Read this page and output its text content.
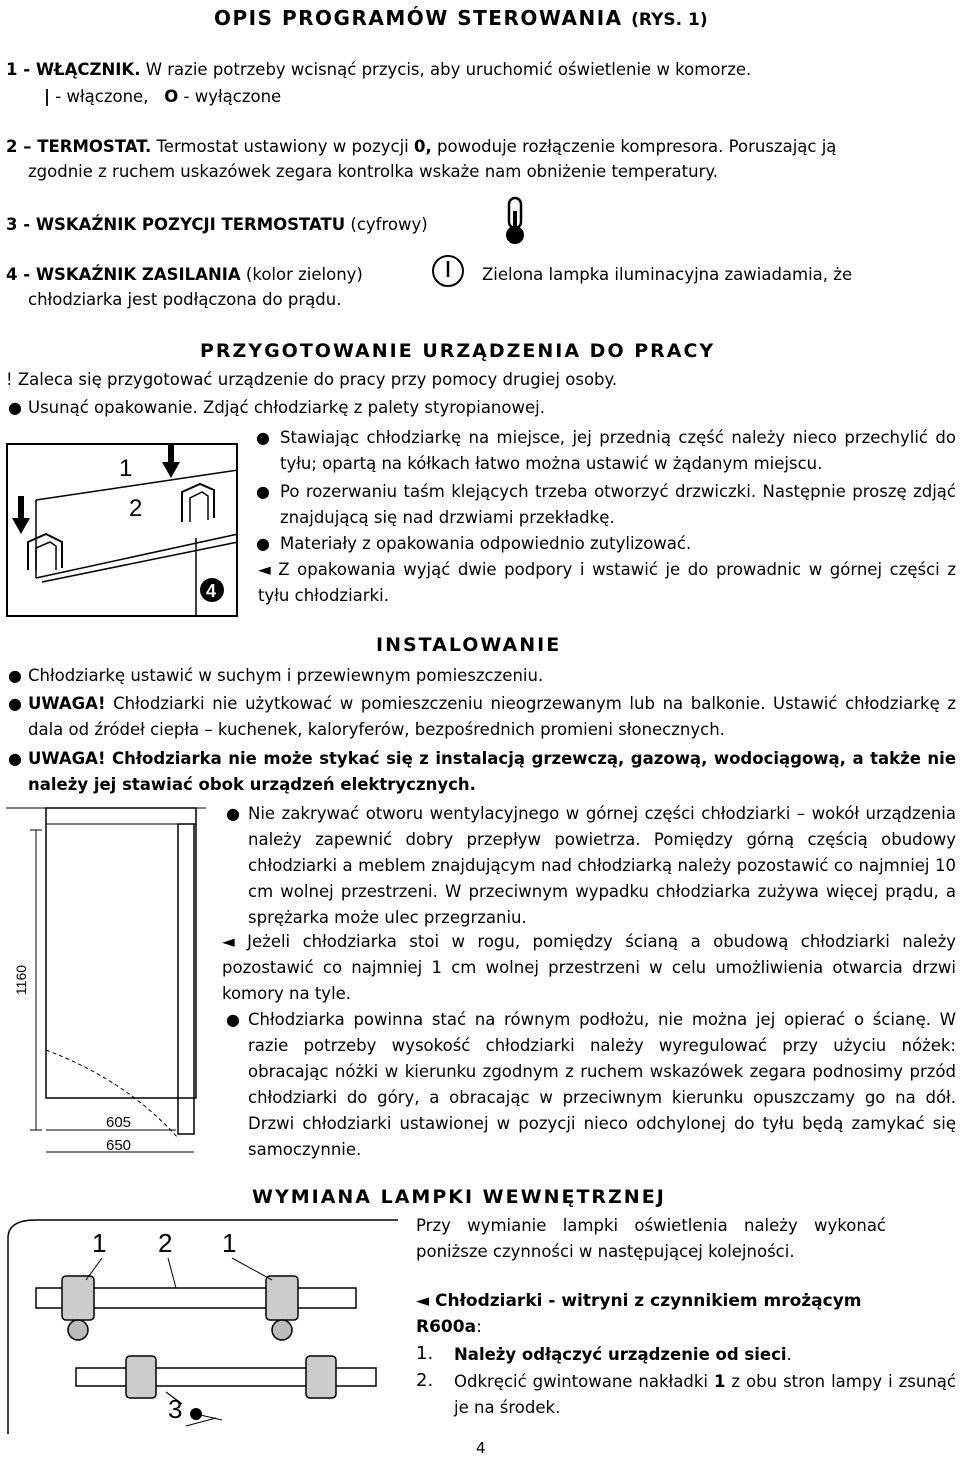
OPIS PROGRAMÓW STEROWANIA (RYS. 1)
1 - WŁĄCZNIK. W razie potrzeby wcisnąć przycis, aby uruchomić oświetlenie w komorze.
| - włączone, O - wyłączone
2 – TERMOSTAT. Termostat ustawiony w pozycji 0, powoduje rozłączenie kompresora. Poruszając ją
zgodnie z ruchem uskazówek zegara kontrolka wskaże nam obniżenie temperatury.
3 - WSKAŹNIK POZYCJI TERMOSTATU (cyfrowy)
4 - WSKAŹNIK ZASILANIA (kolor zielony)	Zielona lampka iluminacyjna zawiadamia, że
chłodziarka jest podłączona do prądu.
PRZYGOTOWANIE URZĄDZENIA DO PRACY
! Zaleca się przygotować urządzenie do pracy przy pomocy drugiej osoby.
● Usunąć opakowanie. Zdjąć chłodziarkę z palety styropianowej.
1
2
4
● Stawiając chłodziarkę na miejsce, jej przednią część należy nieco przechylić do tyłu; opartą na kółkach łatwo można ustawić w żądanym miejscu.
● Po rozerwaniu taśm klejących trzeba otworzyć drzwiczki. Następnie proszę zdjąć znajdującą się nad drzwiami przekładkę.
● Materiały z opakowania odpowiednio zutylizować.
◄ Z opakowania wyjąć dwie podpory i wstawić je do prowadnic w górnej części z tyłu chłodziarki.
INSTALOWANIE
● Chłodziarkę ustawić w suchym i przewiewnym pomieszczeniu.
● UWAGA! Chłodziarki nie użytkować w pomieszczeniu nieogrzewanym lub na balkonie. Ustawić chłodziarkę z dala od źródeł ciepła – kuchenek, kaloryferów, bezpośrednich promieni słonecznych.
● UWAGA! Chłodziarka nie może stykać się z instalacją grzewczą, gazową, wodociągową, a także nie należy jej stawiać obok urządzeń elektrycznych.
1160
605
650
● Nie zakrywać otworu wentylacyjnego w górnej części chłodziarki – wokół urządzenia należy zapewnić dobry przepływ powietrza. Pomiędzy górną częścią obudowy chłodziarki a meblem znajdującym nad chłodziarką należy pozostawić co najmniej 10 cm wolnej przestrzeni. W przeciwnym wypadku chłodziarka zużywa więcej prądu, a sprężarka może ulec przegrzaniu.
◄ Jeżeli chłodziarka stoi w rogu, pomiędzy ścianą a obudową chłodziarki należy pozostawić co najmniej 1 cm wolnej przestrzeni w celu umożliwienia otwarcia drzwi komory na tyle.
● Chłodziarka powinna stać na równym podłożu, nie można jej opierać o ścianę. W razie potrzeby wysokość chłodziarki należy wyregulować przy użyciu nóżek: obracając nóżki w kierunku zgodnym z ruchem wskazówek zegara podnosimy przód chłodziarki do góry, a obracając w przeciwnym kierunku opuszczamy go na dół. Drzwi chłodziarki ustawionej w pozycji nieco odchylonej do tyłu będą zamykać się samoczynnie.
WYMIANA LAMPKI WEWNĘTRZNEJ
1 2 1
3
Przy wymianie lampki oświetlenia należy wykonać poniższe czynności w następującej kolejności.
◄ Chłodziarki - witryni z czynnikiem mrożącym
R600a:
1. Należy odłączyć urządzenie od sieci.
2. Odkręcić gwintowane nakładki 1 z obu stron lampy i zsunąć je na środek.
4
